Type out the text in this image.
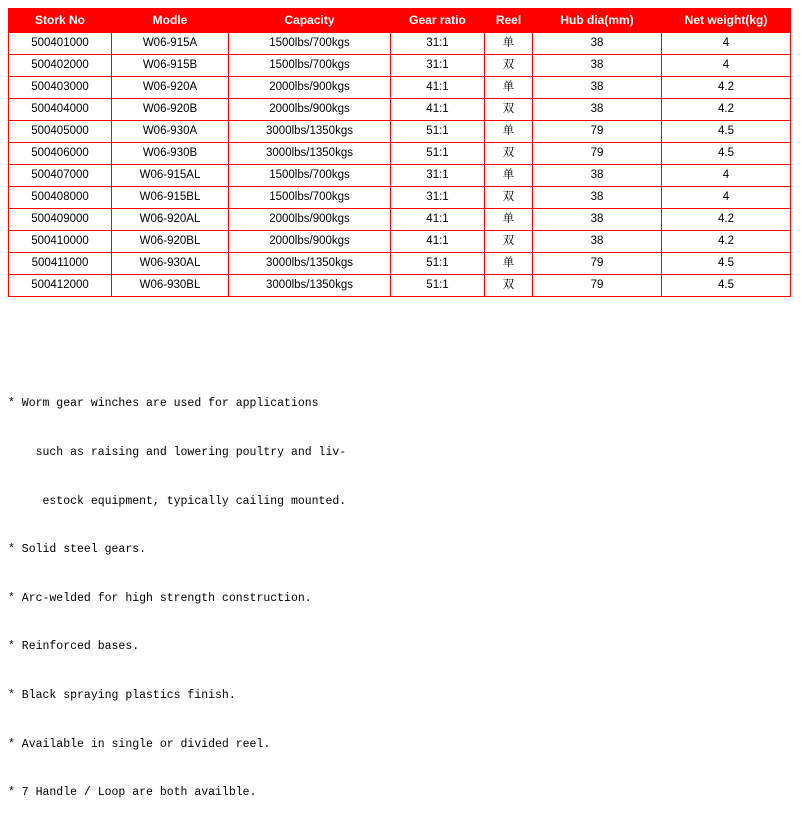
Stork No	Modle	Capacity	Gear ratio	Reel	Hub dia(mm)	Net weight(kg)
500401000	W06-915A	1500lbs/700kgs	31:1	单	38	4
500402000	W06-915B	1500lbs/700kgs	31:1	双	38	4
500403000	W06-920A	2000lbs/900kgs	41:1	单	38	4.2
500404000	W06-920B	2000lbs/900kgs	41:1	双	38	4.2
500405000	W06-930A	3000lbs/1350kgs	51:1	单	79	4.5
500406000	W06-930B	3000lbs/1350kgs	51:1	双	79	4.5
500407000	W06-915AL	1500lbs/700kgs	31:1	单	38	4
500408000	W06-915BL	1500lbs/700kgs	31:1	双	38	4
500409000	W06-920AL	2000lbs/900kgs	41:1	单	38	4.2
500410000	W06-920BL	2000lbs/900kgs	41:1	双	38	4.2
500411000	W06-930AL	3000lbs/1350kgs	51:1	单	79	4.5
500412000	W06-930BL	3000lbs/1350kgs	51:1	双	79	4.5

* Worm gear winches are used for applications

such as raising and lowering poultry and liv-

estock equipment, typically cailing mounted.

* Solid steel gears.

* Arc-welded for high strength construction.

* Reinforced bases.

* Black spraying plastics finish.

* Available in single or divided reel.

* 7 Handle / Loop are both availble.
